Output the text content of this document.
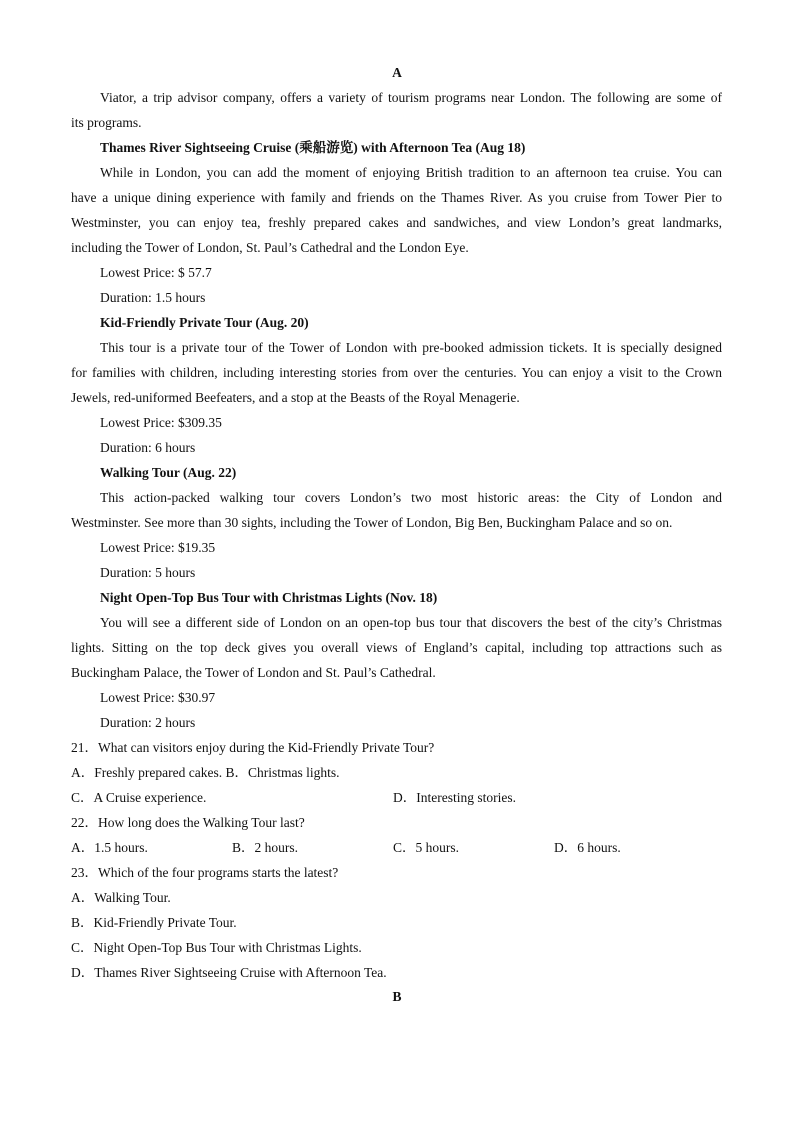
A
Viator, a trip advisor company, offers a variety of tourism programs near London. The following are some of
its programs.
Thames River Sightseeing Cruise (乘船游览) with Afternoon Tea (Aug 18)
While in London, you can add the moment of enjoying British tradition to an afternoon tea cruise. You can
have a unique dining experience with family and friends on the Thames River. As you cruise from Tower Pier to
Westminster, you can enjoy tea, freshly prepared cakes and sandwiches, and view London’s great landmarks,
including the Tower of London, St. Paul’s Cathedral and the London Eye.
Lowest Price: $ 57.7
Duration: 1.5 hours
Kid-Friendly Private Tour (Aug. 20)
This tour is a private tour of the Tower of London with pre-booked admission tickets. It is specially designed
for families with children, including interesting stories from over the centuries. You can enjoy a visit to the Crown
Jewels, red-uniformed Beefeaters, and a stop at the Beasts of the Royal Menagerie.
Lowest Price: $309.35
Duration: 6 hours
Walking Tour (Aug. 22)
This action-packed walking tour covers London’s two most historic areas: the City of London and
Westminster. See more than 30 sights, including the Tower of London, Big Ben, Buckingham Palace and so on.
Lowest Price: $19.35
Duration: 5 hours
Night Open-Top Bus Tour with Christmas Lights (Nov. 18)
You will see a different side of London on an open-top bus tour that discovers the best of the city’s Christmas
lights. Sitting on the top deck gives you overall views of England’s capital, including top attractions such as
Buckingham Palace, the Tower of London and St. Paul’s Cathedral.
Lowest Price: $30.97
Duration: 2 hours
21．What can visitors enjoy during the Kid-Friendly Private Tour?
A．Freshly prepared cakes. B．Christmas lights.
C．A Cruise experience.	D．Interesting stories.
22．How long does the Walking Tour last?
A．1.5 hours.	B．2 hours.	C．5 hours.	D．6 hours.
23．Which of the four programs starts the latest?
A．Walking Tour.
B．Kid-Friendly Private Tour.
C．Night Open-Top Bus Tour with Christmas Lights.
D．Thames River Sightseeing Cruise with Afternoon Tea.
B
